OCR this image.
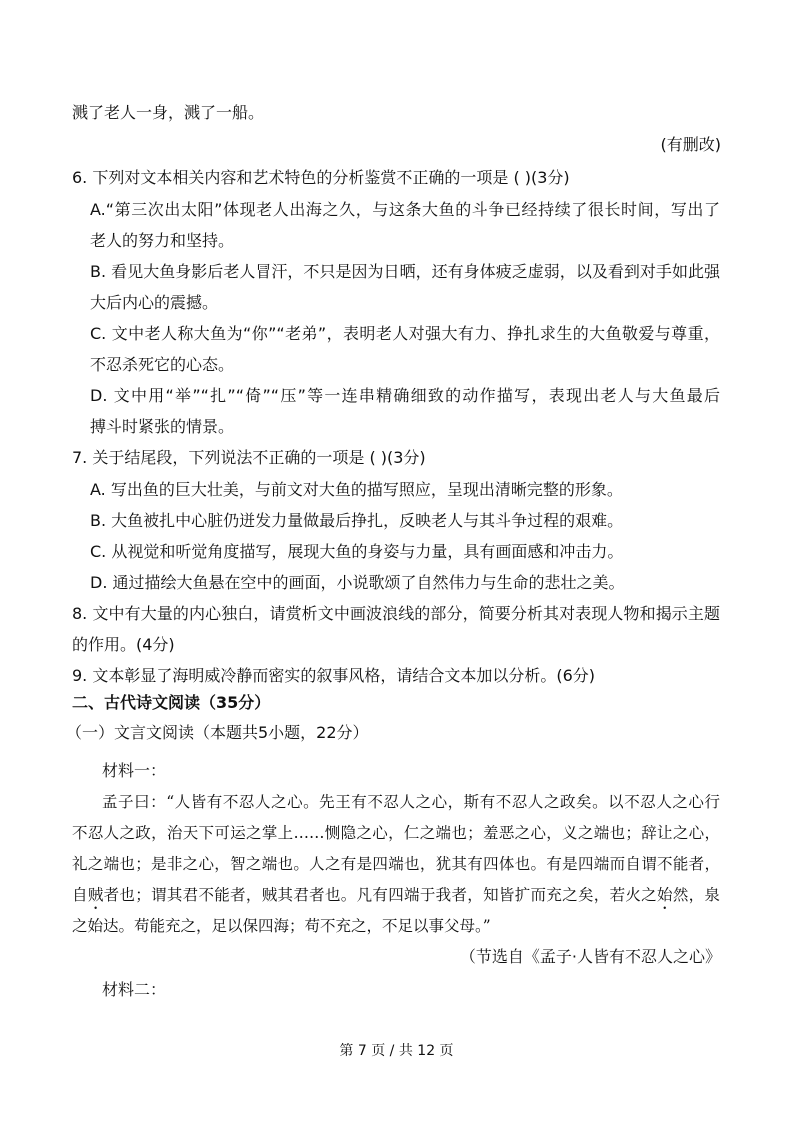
溅了老人一身，溅了一船。
(有删改)
6. 下列对文本相关内容和艺术特色的分析鉴赏不正确的一项是 ( )(3分)
A.“第三次出太阳”体现老人出海之久，与这条大鱼的斗争已经持续了很长时间，写出了
老人的努力和坚持。
B. 看见大鱼身影后老人冒汗，不只是因为日晒，还有身体疲乏虚弱，以及看到对手如此强
大后内心的震撼。
C. 文中老人称大鱼为“你”“老弟”，表明老人对强大有力、挣扎求生的大鱼敬爱与尊重，
不忍杀死它的心态。
D. 文中用“举”“扎”“倚”“压”等一连串精确细致的动作描写，表现出老人与大鱼最后
搏斗时紧张的情景。
7. 关于结尾段，下列说法不正确的一项是 ( )(3分)
A. 写出鱼的巨大壮美，与前文对大鱼的描写照应，呈现出清晰完整的形象。
B. 大鱼被扎中心脏仍迸发力量做最后挣扎，反映老人与其斗争过程的艰难。
C. 从视觉和听觉角度描写，展现大鱼的身姿与力量，具有画面感和冲击力。
D. 通过描绘大鱼悬在空中的画面，小说歌颂了自然伟力与生命的悲壮之美。
8. 文中有大量的内心独白，请赏析文中画波浪线的部分，简要分析其对表现人物和揭示主题
的作用。(4分)
9. 文本彰显了海明威冷静而密实的叙事风格，请结合文本加以分析。(6分)
二、古代诗文阅读（35分）
（一）文言文阅读（本题共5小题，22分）
材料一：
孟子曰：“人皆有不忍人之心。先王有不忍人之心，斯有不忍人之政矣。以不忍人之心行
不忍人之政，治天下可运之掌上……恻隐之心，仁之端也；羞恶之心，义之端也；辞让之心，
礼之端也；是非之心，智之端也。人之有是四端也，犹其有四体也。有是四端而自谓不能者，
自贼者也；谓其君不能者，贼其君者也。凡有四端于我者，知皆扩而充之矣，若火之始然，泉
之始达。苟能充之，足以保四海；苟不充之，不足以事父母。”
（节选自《孟子·人皆有不忍人之心》
材料二：
第 7 页 / 共 12 页
